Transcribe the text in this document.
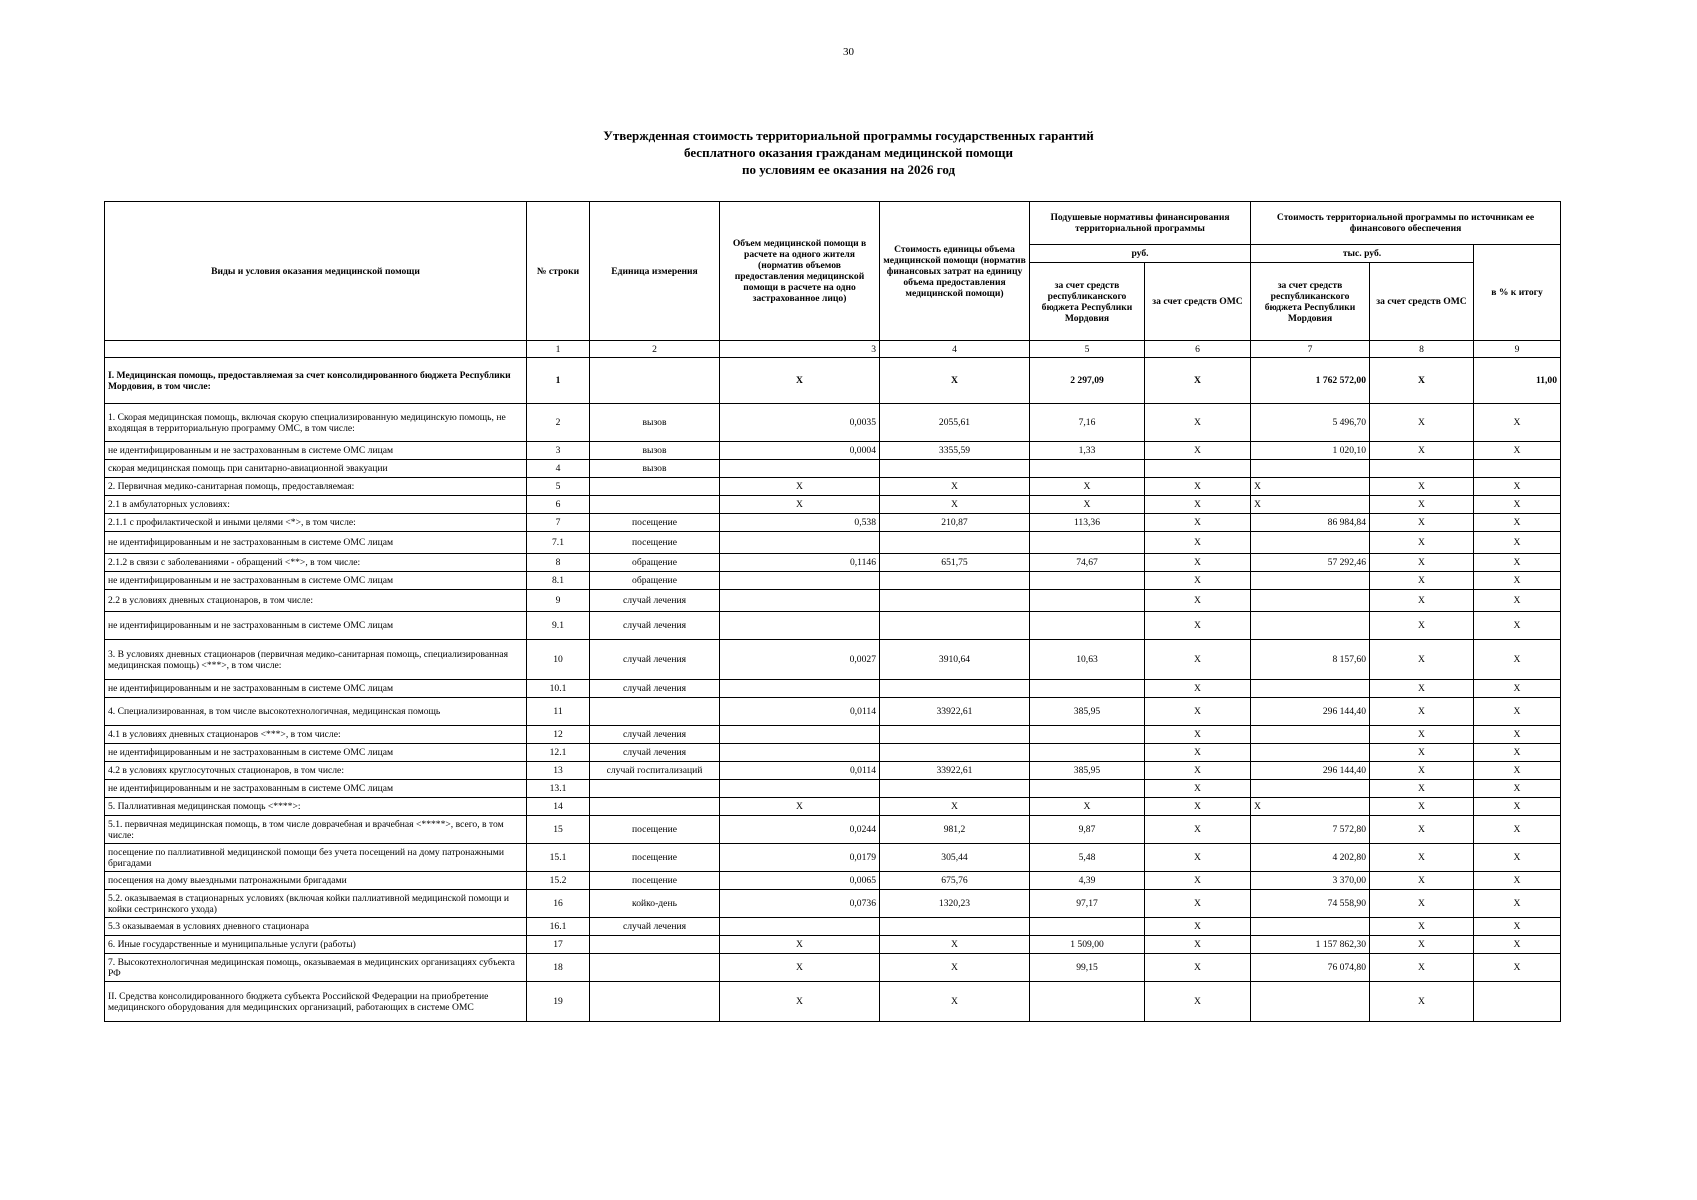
30
Утвержденная стоимость территориальной программы государственных гарантий
бесплатного оказания гражданам медицинской помощи
по условиям ее оказания на 2026 год
Виды и условия оказания медицинской помощи	№ строки	Единица измерения	Объем медицинской помощи в расчете на одного жителя (норматив объемов предоставления медицинской помощи в расчете на одно застрахованное лицо)	Стоимость единицы объема медицинской помощи (норматив финансовых затрат на единицу объема предоставления медицинской помощи)	Подушевые нормативы финансирования территориальной программы		Стоимость территориальной программы по источникам ее финансового обеспечения		
					руб.		тыс. руб.		в % к итогу
					за счет средств республиканского бюджета Республики Мордовия	за счет средств ОМС	за счет средств республиканского бюджета Республики Мордовия	за счет средств ОМС	
	1	2	3	4	5	6	7	8	9
I. Медицинская помощь, предоставляемая за счет консолидированного бюджета Республики Мордовия, в том числе:	1		X	X	2 297,09	X	1 762 572,00	X	11,00
1. Скорая медицинская помощь, включая скорую специализированную медицинскую помощь, не входящая в территориальную программу ОМС, в том числе:	2	вызов	0,0035	2055,61	7,16	X	5 496,70	X	X
не идентифицированным и не застрахованным в системе ОМС лицам	3	вызов	0,0004	3355,59	1,33	X	1 020,10	X	X
скорая медицинская помощь при санитарно-авиационной эвакуации	4	вызов							
2. Первичная медико-санитарная помощь, предоставляемая:	5		X	X	X	X	X	X	X
2.1 в амбулаторных условиях:	6		X	X	X	X	X	X	X
2.1.1 с профилактической и иными целями <*>, в том числе:	7	посещение	0,538	210,87	113,36	X	86 984,84	X	X
не идентифицированным и не застрахованным в системе ОМС лицам	7.1	посещение				X		X	X
2.1.2 в связи с заболеваниями - обращений <**>, в том числе:	8	обращение	0,1146	651,75	74,67	X	57 292,46	X	X
не идентифицированным и не застрахованным в системе ОМС лицам	8.1	обращение				X		X	X
2.2 в условиях дневных стационаров, в том числе:	9	случай лечения				X		X	X
не идентифицированным и не застрахованным в системе ОМС лицам	9.1	случай лечения				X		X	X
3. В условиях дневных стационаров (первичная медико-санитарная помощь, специализированная медицинская помощь) <***>, в том числе:	10	случай лечения	0,0027	3910,64	10,63	X	8 157,60	X	X
не идентифицированным и не застрахованным в системе ОМС лицам	10.1	случай лечения				X		X	X
4. Специализированная, в том числе высокотехнологичная, медицинская помощь	11		0,0114	33922,61	385,95	X	296 144,40	X	X
4.1 в условиях дневных стационаров <***>, в том числе:	12	случай лечения				X		X	X
не идентифицированным и не застрахованным в системе ОМС лицам	12.1	случай лечения				X		X	X
4.2 в условиях круглосуточных стационаров, в том числе:	13	случай госпитализаций	0,0114	33922,61	385,95	X	296 144,40	X	X
не идентифицированным и не застрахованным в системе ОМС лицам	13.1					X		X	X
5. Паллиативная медицинская помощь <****>:	14		X	X	X	X	X	X	X
5.1. первичная медицинская помощь, в том числе доврачебная и врачебная <*****>, всего, в том числе:	15	посещение	0,0244	981,2	9,87	X	7 572,80	X	X
посещение по паллиативной медицинской помощи без учета посещений на дому патронажными бригадами	15.1	посещение	0,0179	305,44	5,48	X	4 202,80	X	X
посещения на дому выездными патронажными бригадами	15.2	посещение	0,0065	675,76	4,39	X	3 370,00	X	X
5.2. оказываемая в стационарных условиях (включая койки паллиативной медицинской помощи и койки сестринского ухода)	16	койко-день	0,0736	1320,23	97,17	X	74 558,90	X	X
5.3 оказываемая в условиях дневного стационара	16.1	случай лечения				X		X	X
6. Иные государственные и муниципальные услуги (работы)	17		X	X	1 509,00	X	1 157 862,30	X	X
7. Высокотехнологичная медицинская помощь, оказываемая в медицинских организациях субъекта РФ	18		X	X	99,15	X	76 074,80	X	X
II. Средства консолидированного бюджета субъекта Российской Федерации на приобретение медицинского оборудования для медицинских организаций, работающих в системе ОМС	19		X	X		X		X	
